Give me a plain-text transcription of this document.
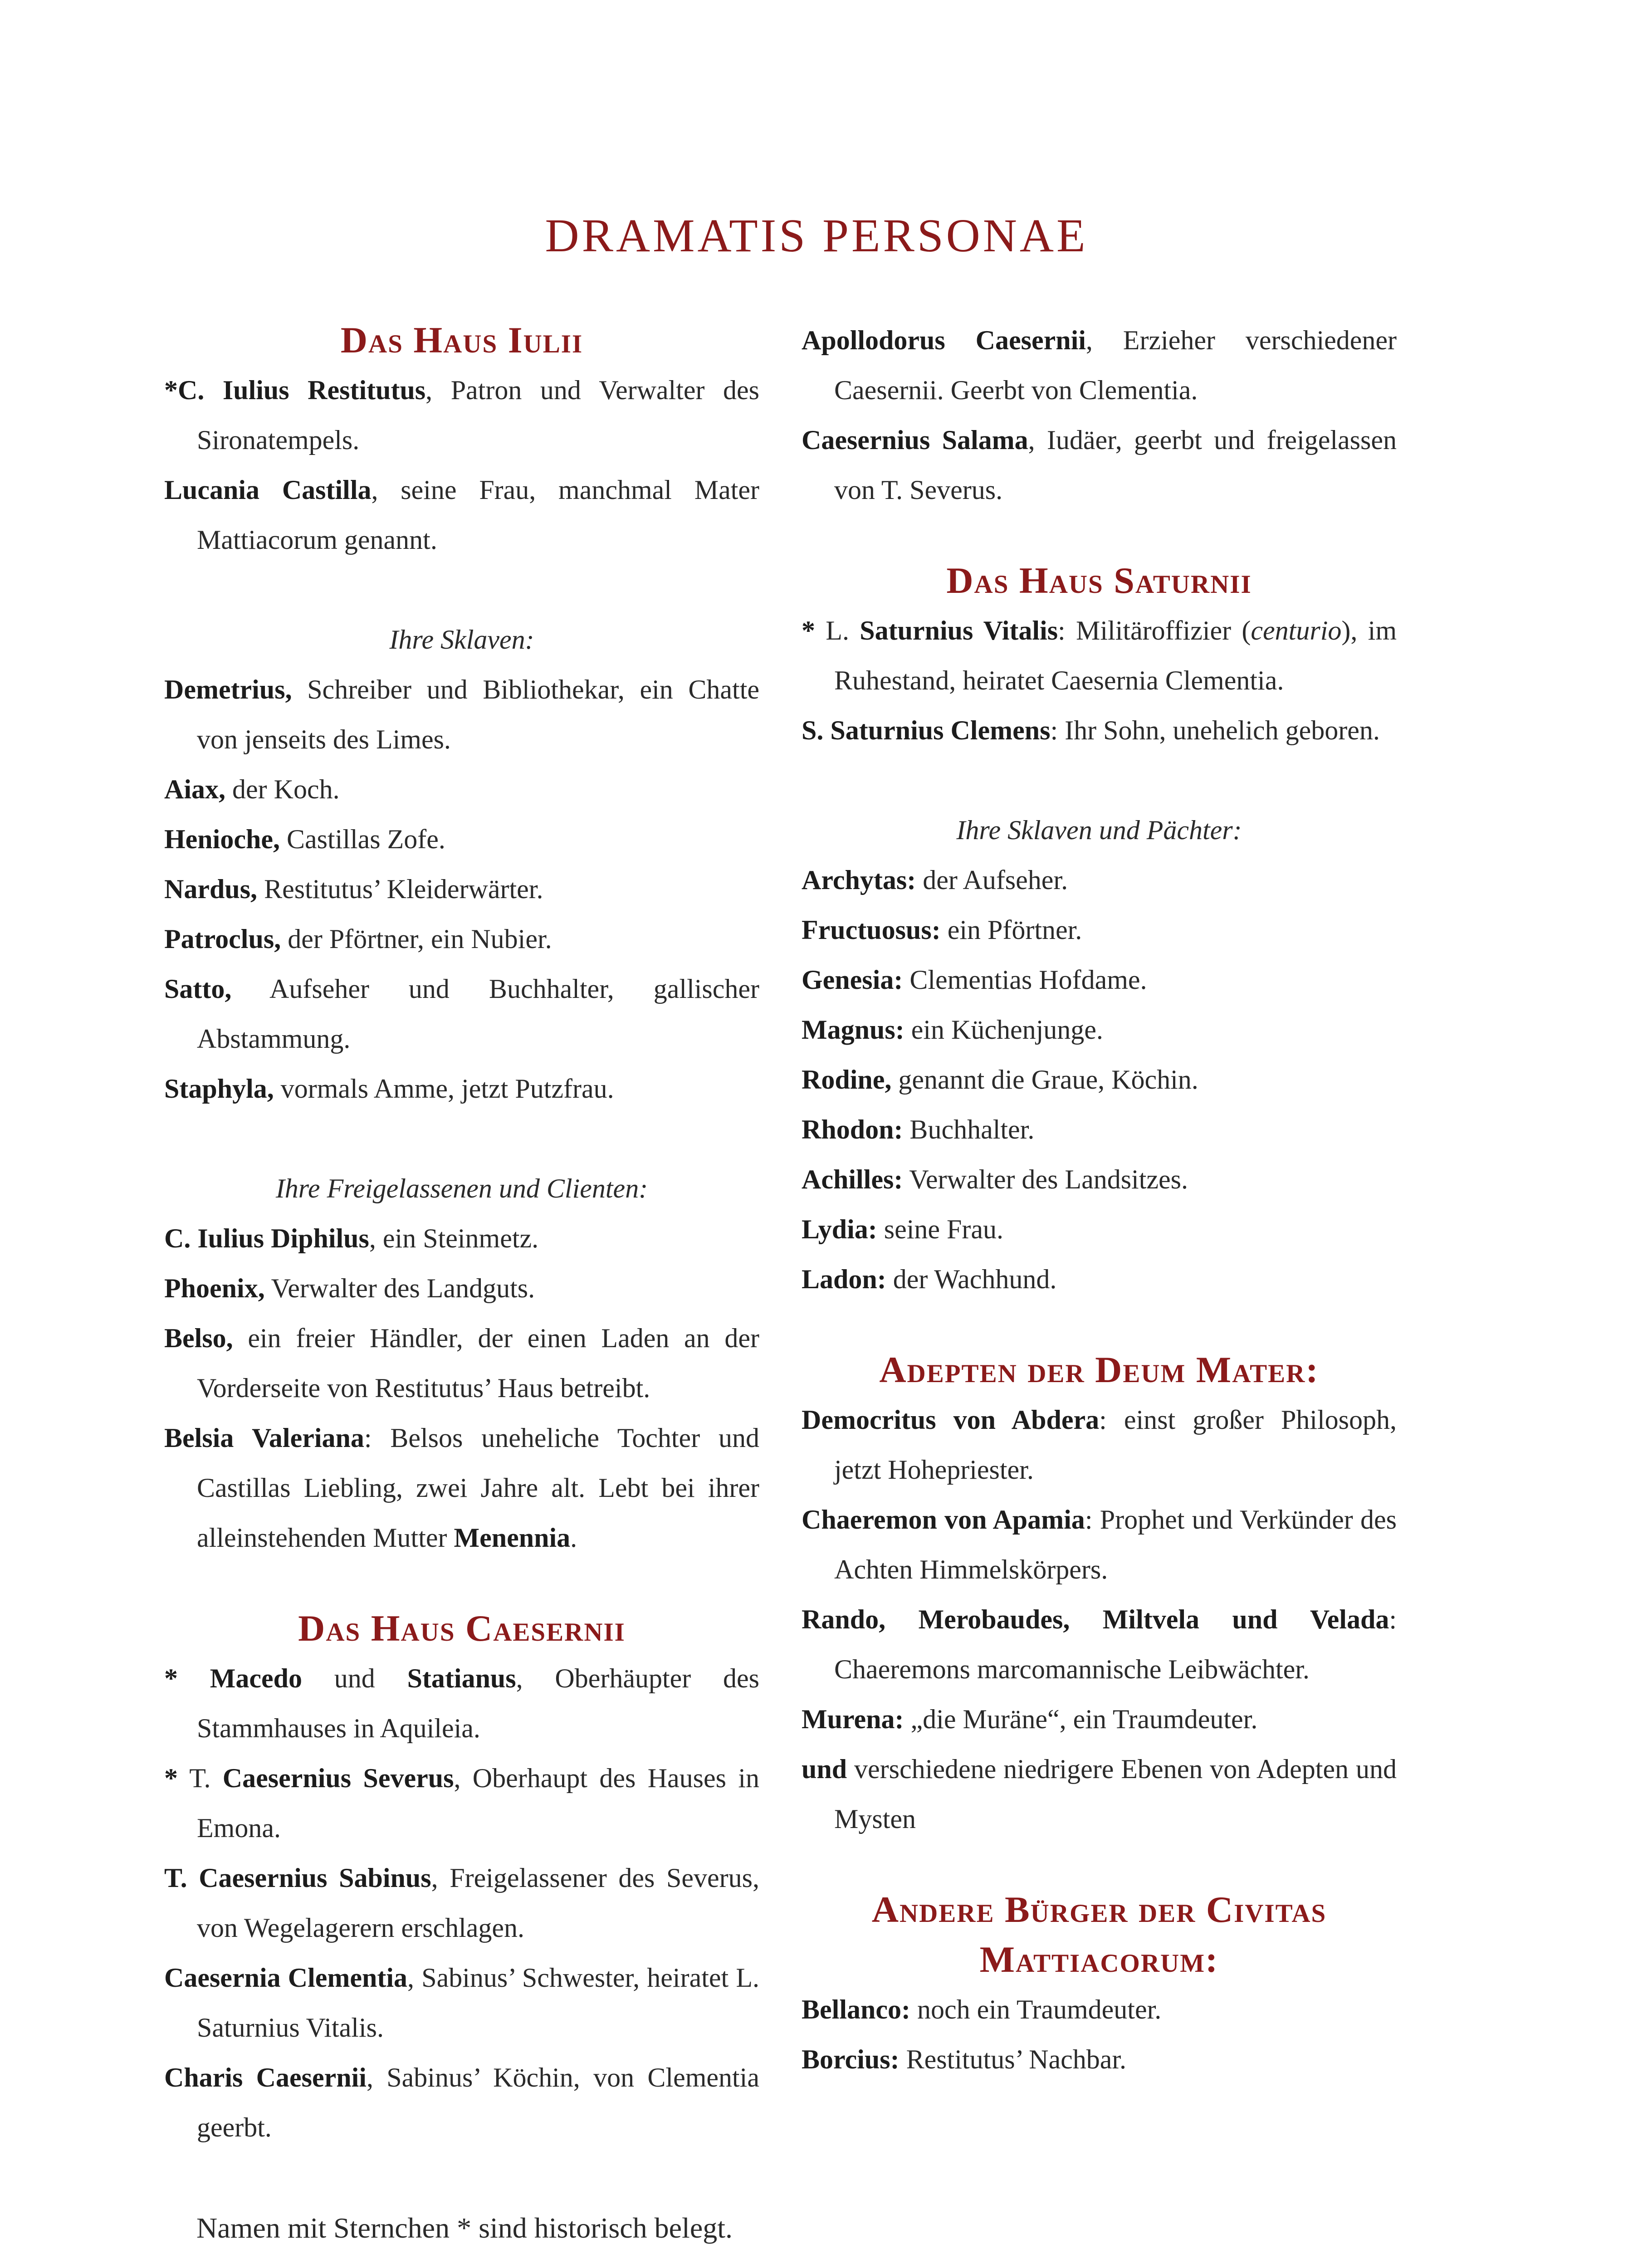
DRAMATIS PERSONAE

Das Haus Iulii

*C. Iulius Restitutus, Patron und Verwalter des Sironatempels.

Lucania Castilla, seine Frau, manchmal Mater Mattiacorum genannt.

Ihre Sklaven:

Demetrius, Schreiber und Bibliothekar, ein Chatte von jenseits des Limes.

Aiax, der Koch.

Henioche, Castillas Zofe.

Nardus, Restitutus’ Kleiderwärter.

Patroclus, der Pförtner, ein Nubier.

Satto, Aufseher und Buchhalter, gallischer Abstammung.

Staphyla, vormals Amme, jetzt Putzfrau.

Ihre Freigelassenen und Clienten:

C. Iulius Diphilus, ein Steinmetz.

Phoenix, Verwalter des Landguts.

Belso, ein freier Händler, der einen Laden an der Vorderseite von Restitutus’ Haus betreibt.

Belsia Valeriana: Belsos uneheliche Tochter und Castillas Liebling, zwei Jahre alt. Lebt bei ihrer alleinstehenden Mutter Menennia.

Das Haus Caesernii

* Macedo und Statianus, Oberhäupter des Stammhauses in Aquileia.

* T. Caesernius Severus, Oberhaupt des Hauses in Emona.

T. Caesernius Sabinus, Freigelassener des Severus, von Wegelagerern erschlagen.

Caesernia Clementia, Sabinus’ Schwester, heiratet L. Saturnius Vitalis.

Charis Caesernii, Sabinus’ Köchin, von Clementia geerbt.

Apollodorus Caesernii, Erzieher verschiedener Caesernii. Geerbt von Clementia.

Caesernius Salama, Iudäer, geerbt und freigelassen von T. Severus.

Das Haus Saturnii

* L. Saturnius Vitalis: Militäroffizier (centurio), im Ruhestand, heiratet Caesernia Clementia.

S. Saturnius Clemens: Ihr Sohn, unehelich geboren.

Ihre Sklaven und Pächter:

Archytas: der Aufseher.

Fructuosus: ein Pförtner.

Genesia: Clementias Hofdame.

Magnus: ein Küchenjunge.

Rodine, genannt die Graue, Köchin.

Rhodon: Buchhalter.

Achilles: Verwalter des Landsitzes.

Lydia: seine Frau.

Ladon: der Wachhund.

Adepten der Deum Mater:

Democritus von Abdera: einst großer Philosoph, jetzt Hohepriester.

Chaeremon von Apamia: Prophet und Verkünder des Achten Himmelskörpers.

Rando, Merobaudes, Miltvela und Velada: Chaeremons marcomannische Leibwächter.

Murena: „die Muräne“, ein Traumdeuter.

und verschiedene niedrigere Ebenen von Adepten und Mysten

Andere Bürger der Civitas
Mattiacorum:

Bellanco: noch ein Traumdeuter.

Borcius: Restitutus’ Nachbar.

Namen mit Sternchen * sind historisch belegt.
